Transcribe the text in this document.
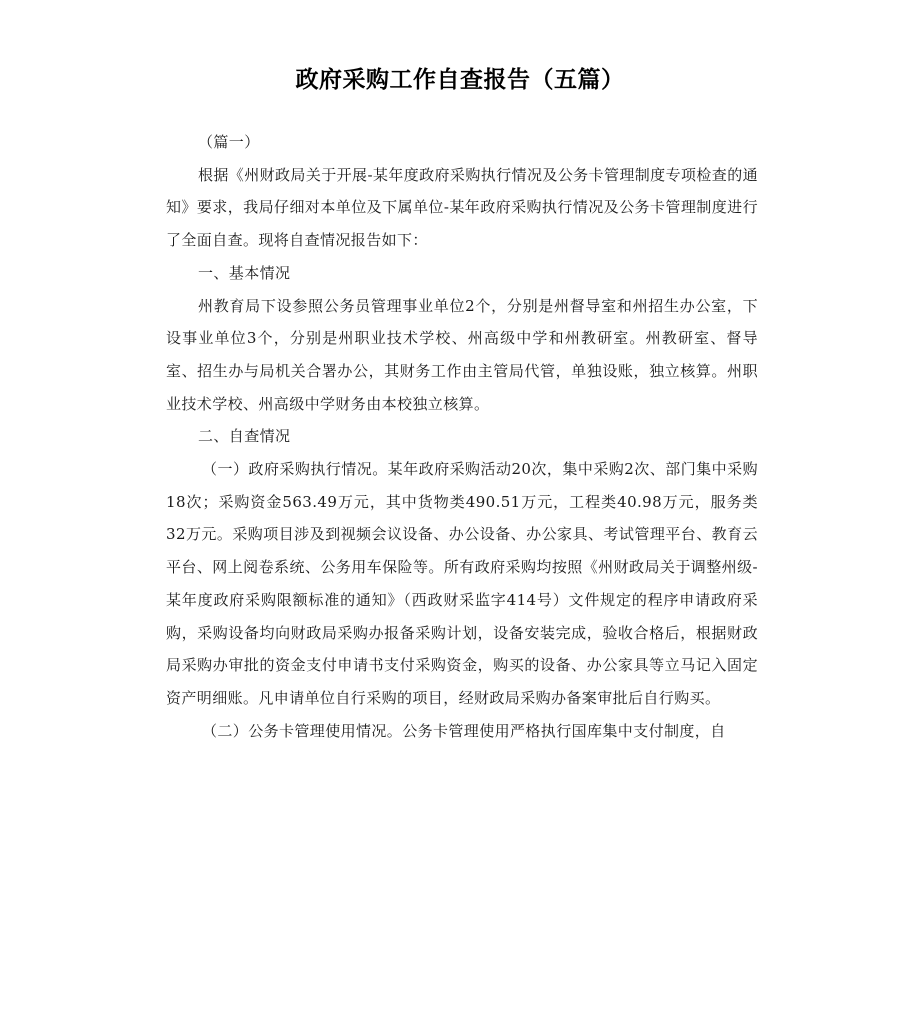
政府采购工作自查报告（五篇）

（篇一）

根据《州财政局关于开展-某年度政府采购执行情况及公务卡管理制度专项检查的通知》要求，我局仔细对本单位及下属单位-某年政府采购执行情况及公务卡管理制度进行了全面自查。现将自查情况报告如下：

一、基本情况

州教育局下设参照公务员管理事业单位2个，分别是州督导室和州招生办公室，下设事业单位3个，分别是州职业技术学校、州高级中学和州教研室。州教研室、督导室、招生办与局机关合署办公，其财务工作由主管局代管，单独设账，独立核算。州职业技术学校、州高级中学财务由本校独立核算。

二、自查情况

（一）政府采购执行情况。某年政府采购活动20次，集中采购2次、部门集中采购18次；采购资金563.49万元，其中货物类490.51万元，工程类40.98万元，服务类32万元。采购项目涉及到视频会议设备、办公设备、办公家具、考试管理平台、教育云平台、网上阅卷系统、公务用车保险等。所有政府采购均按照《州财政局关于调整州级-某年度政府采购限额标准的通知》（西政财采监字414号）文件规定的程序申请政府采购，采购设备均向财政局采购办报备采购计划，设备安装完成，验收合格后，根据财政局采购办审批的资金支付申请书支付采购资金，购买的设备、办公家具等立马记入固定资产明细账。凡申请单位自行采购的项目，经财政局采购办备案审批后自行购买。

（二）公务卡管理使用情况。公务卡管理使用严格执行国库集中支付制度，自
